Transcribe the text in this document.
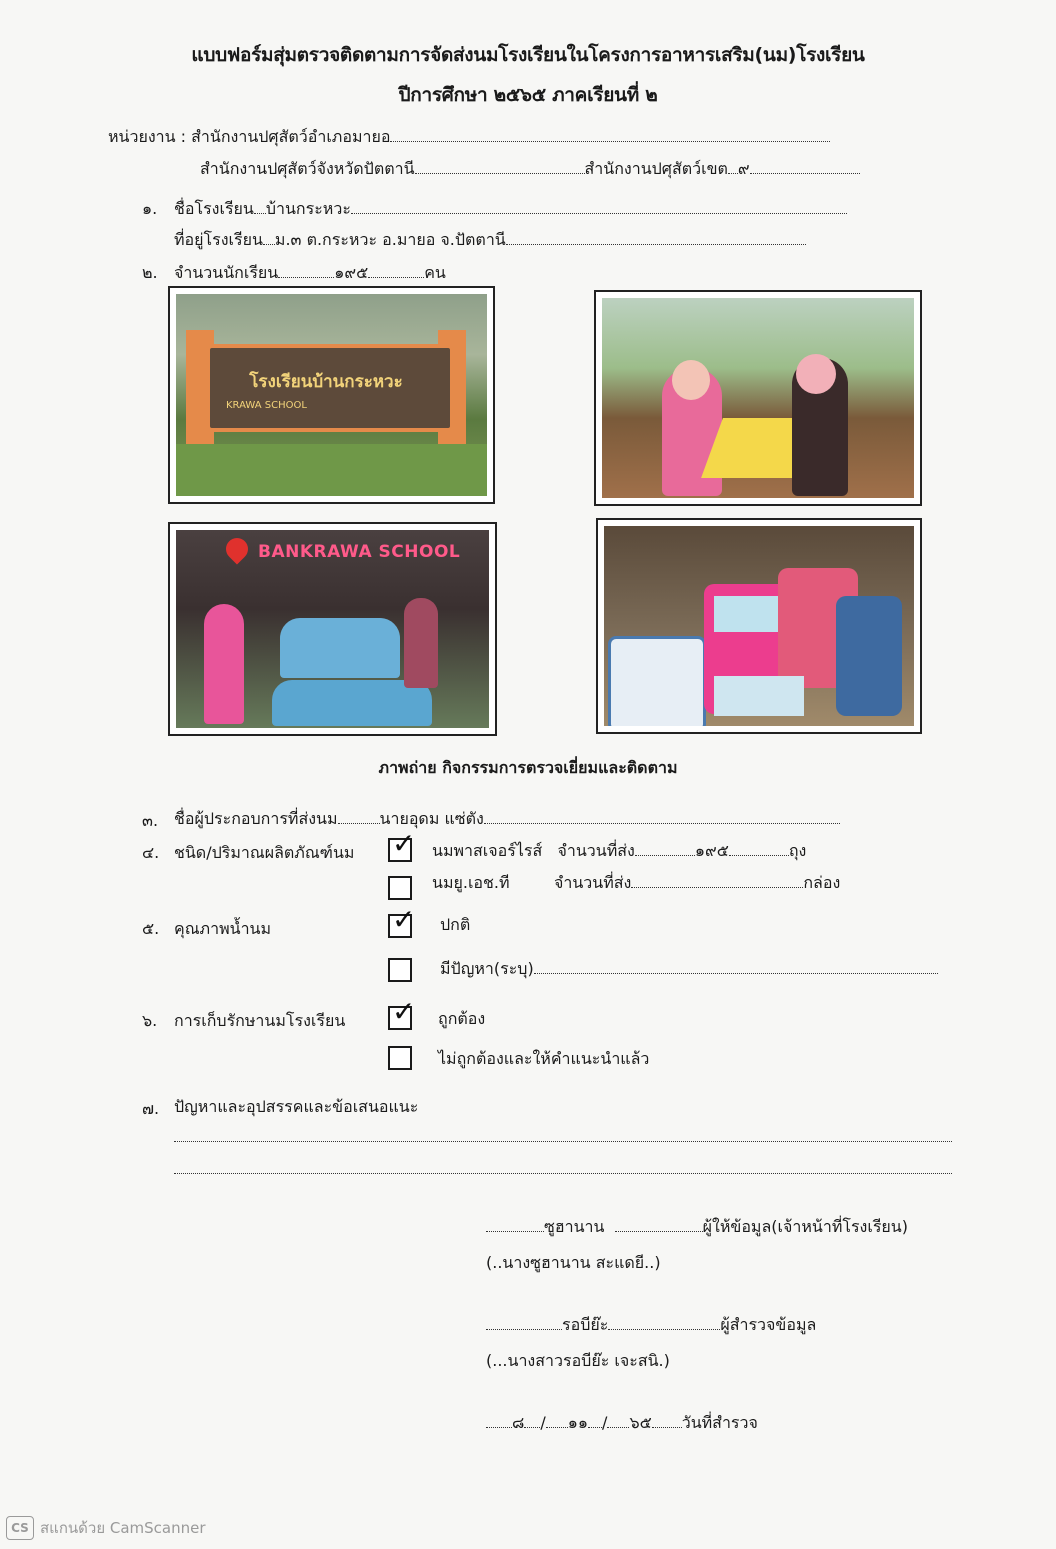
แบบฟอร์มสุ่มตรวจติดตามการจัดส่งนมโรงเรียนในโครงการอาหารเสริม(นม)โรงเรียน
ปีการศึกษา ๒๕๖๕ ภาคเรียนที่ ๒
หน่วยงาน : สำนักงานปศุสัตว์อำเภอมายอ
สำนักงานปศุสัตว์จังหวัดปัตตานี	สำนักงานปศุสัตว์เขต ๙
๑. ชื่อโรงเรียน บ้านกระหวะ
ที่อยู่โรงเรียน ม.๓ ต.กระหวะ อ.มายอ จ.ปัตตานี
๒. จำนวนนักเรียน	๑๙๕	คน
โรงเรียนบ้านกระหวะ
KRAWA SCHOOL
BANKRAWA SCHOOL
ภาพถ่าย กิจกรรมการตรวจเยี่ยมและติดตาม
๓. ชื่อผู้ประกอบการที่ส่งนม	นายอุดม แซ่ตัง
๔. ชนิด/ปริมาณผลิตภัณฑ์นม ✓ นมพาสเจอร์ไรส์ จำนวนที่ส่ง	๑๙๕	ถุง
นมยู.เอช.ที	จำนวนที่ส่ง	กล่อง
๕. คุณภาพน้ำนม	✓ ปกติ
มีปัญหา(ระบุ)
๖. การเก็บรักษานมโรงเรียน ✓ ถูกต้อง
ไม่ถูกต้องและให้คำแนะนำแล้ว
๗. ปัญหาและอุปสรรคและข้อเสนอแนะ
ซูฮานาน	ผู้ให้ข้อมูล(เจ้าหน้าที่โรงเรียน)
(..นางซูฮานาน สะแดยี..)
รอบีย๊ะ	ผู้สำรวจข้อมูล
(...นางสาวรอบีย๊ะ เจะสนิ.)
๘ / ๑๑ / ๖๕ วันที่สำรวจ
CS สแกนด้วย CamScanner
